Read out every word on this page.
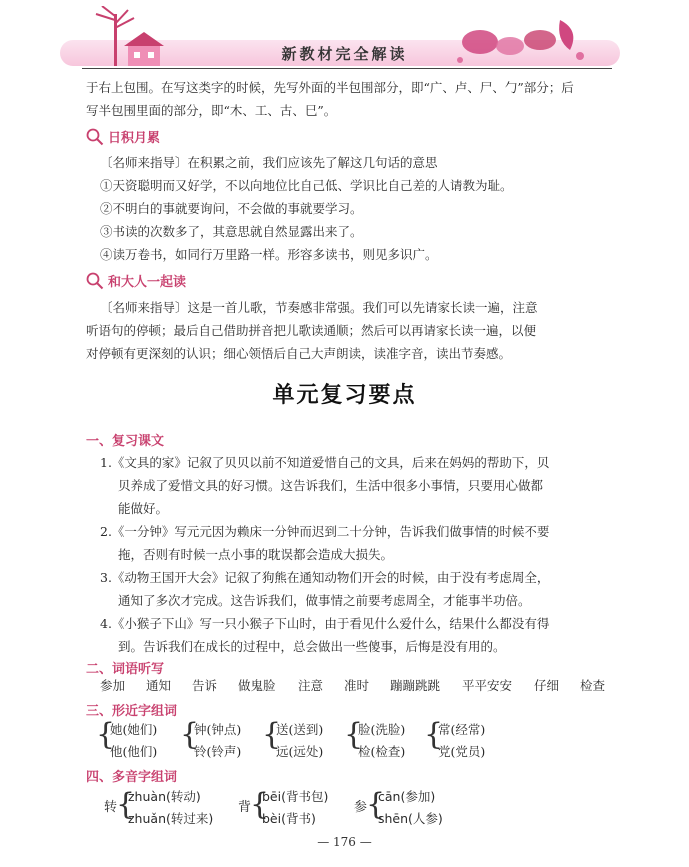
新教材完全解读

于右上包围。在写这类字的时候，先写外面的半包围部分，即“广、卢、尸、勹”部分；后

写半包围里面的部分，即“木、工、古、巳”。

日积月累

〔名师来指导〕在积累之前，我们应该先了解这几句话的意思

①天资聪明而又好学，不以向地位比自己低、学识比自己差的人请教为耻。

②不明白的事就要询问，不会做的事就要学习。

③书读的次数多了，其意思就自然显露出来了。

④读万卷书，如同行万里路一样。形容多读书，则见多识广。

和大人一起读

〔名师来指导〕这是一首儿歌，节奏感非常强。我们可以先请家长读一遍，注意

听语句的停顿；最后自己借助拼音把儿歌读通顺；然后可以再请家长读一遍，以便

对停顿有更深刻的认识；细心领悟后自己大声朗读，读准字音，读出节奏感。

单元复习要点
一、复习课文

1.《文具的家》记叙了贝贝以前不知道爱惜自己的文具，后来在妈妈的帮助下，贝

贝养成了爱惜文具的好习惯。这告诉我们，生活中很多小事情，只要用心做都

能做好。

2.《一分钟》写元元因为赖床一分钟而迟到二十分钟，告诉我们做事情的时候不要

拖，否则有时候一点小事的耽误都会造成大损失。

3.《动物王国开大会》记叙了狗熊在通知动物们开会的时候，由于没有考虑周全，

通知了多次才完成。这告诉我们，做事情之前要考虑周全，才能事半功倍。

4.《小猴子下山》写一只小猴子下山时，由于看见什么爱什么，结果什么都没有得

到。告诉我们在成长的过程中，总会做出一些傻事，后悔是没有用的。

二、词语听写
参加	通知	告诉	做鬼脸	注意	准时	蹦蹦跳跳	平平安安	仔细	检查
三、形近字组词
{
她(她们)
他(他们) {
钟(钟点)
铃(铃声) {
送(送到)
远(远处) {
脸(洗脸)
检(检查) {
常(经常)
党(党员)
四、多音字组词
转
{
zhuàn(转动)
zhuǎn(转过来)
背
{
bēi(背书包)
bèi(背书)
参
{
cān(参加)
shēn(人参)
— 176 —
